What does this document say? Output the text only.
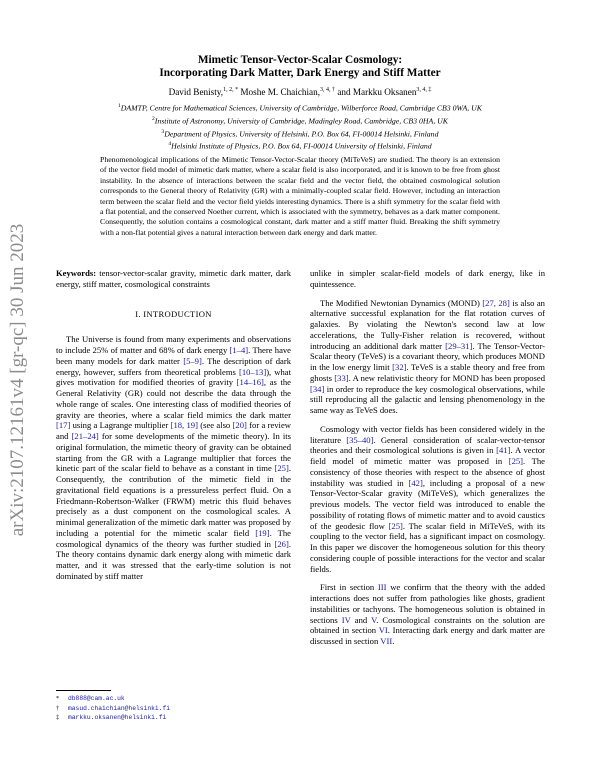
arXiv:2107.12161v4 [gr-qc] 30 Jun 2023
Mimetic Tensor-Vector-Scalar Cosmology:
Incorporating Dark Matter, Dark Energy and Stiff Matter
David Benisty,$^{1, 2, *}$ Moshe M. Chaichian,$^{3, 4, \dagger}$ and Markku Oksanen$^{3, 4, \ddagger}$
$^1$DAMTP, Centre for Mathematical Sciences, University of Cambridge, Wilberforce Road, Cambridge CB3 0WA, UK
$^2$Institute of Astronomy, University of Cambridge, Madingley Road, Cambridge, CB3 0HA, UK
$^3$Department of Physics, University of Helsinki, P.O. Box 64, FI-00014 Helsinki, Finland
$^4$Helsinki Institute of Physics, P.O. Box 64, FI-00014 University of Helsinki, Finland
Phenomenological implications of the Mimetic Tensor-Vector-Scalar theory (MiTeVeS) are studied. The theory is an extension of the vector field model of mimetic dark matter, where a scalar field is also incorporated, and it is known to be free from ghost instability. In the absence of interactions between the scalar field and the vector field, the obtained cosmological solution corresponds to the General theory of Relativity (GR) with a minimally-coupled scalar field. However, including an interaction term between the scalar field and the vector field yields interesting dynamics. There is a shift symmetry for the scalar field with a flat potential, and the conserved Noether current, which is associated with the symmetry, behaves as a dark matter component. Consequently, the solution contains a cosmological constant, dark matter and a stiff matter fluid. Breaking the shift symmetry with a non-flat potential gives a natural interaction between dark energy and dark matter.

Keywords: tensor-vector-scalar gravity, mimetic dark matter, dark energy, stiff matter, cosmological constraints

I. INTRODUCTION

The Universe is found from many experiments and observations to include 25% of matter and 68% of dark energy [1–4]. There have been many models for dark matter [5–9]. The description of dark energy, however, suffers from theoretical problems [10–13]), what gives motivation for modified theories of gravity [14–16], as the General Relativity (GR) could not describe the data through the whole range of scales. One interesting class of modified theories of gravity are theories, where a scalar field mimics the dark matter [17] using a Lagrange multiplier [18, 19] (see also [20] for a review and [21–24] for some developments of the mimetic theory). In its original formulation, the mimetic theory of gravity can be obtained starting from the GR with a Lagrange multiplier that forces the kinetic part of the scalar field to behave as a constant in time [25]. Consequently, the contribution of the mimetic field in the gravitational field equations is a pressureless perfect fluid. On a Friedmann-Robertson-Walker (FRWM) metric this fluid behaves precisely as a dust component on the cosmological scales. A minimal generalization of the mimetic dark matter was proposed by including a potential for the mimetic scalar field [19]. The cosmological dynamics of the theory was further studied in [26]. The theory contains dynamic dark energy along with mimetic dark matter, and it was stressed that the early-time solution is not dominated by stiff matter

unlike in simpler scalar-field models of dark energy, like in quintessence.

The Modified Newtonian Dynamics (MOND) [27, 28] is also an alternative successful explanation for the flat rotation curves of galaxies. By violating the Newton's second law at low accelerations, the Tully-Fisher relation is recovered, without introducing an additional dark matter [29–31]. The Tensor-Vector-Scalar theory (TeVeS) is a covariant theory, which produces MOND in the low energy limit [32]. TeVeS is a stable theory and free from ghosts [33]. A new relativistic theory for MOND has been proposed [34] in order to reproduce the key cosmological observations, while still reproducing all the galactic and lensing phenomenology in the same way as TeVeS does.

Cosmology with vector fields has been considered widely in the literature [35–40]. General consideration of scalar-vector-tensor theories and their cosmological solutions is given in [41]. A vector field model of mimetic matter was proposed in [25]. The consistency of those theories with respect to the absence of ghost instability was studied in [42], including a proposal of a new Tensor-Vector-Scalar gravity (MiTeVeS), which generalizes the previous models. The vector field was introduced to enable the possibility of rotating flows of mimetic matter and to avoid caustics of the geodesic flow [25]. The scalar field in MiTeVeS, with its coupling to the vector field, has a significant impact on cosmology. In this paper we discover the homogeneous solution for this theory considering couple of possible interactions for the vector and scalar fields.

First in section III we confirm that the theory with the added interactions does not suffer from pathologies like ghosts, gradient instabilities or tachyons. The homogeneous solution is obtained in sections IV and V. Cosmological constraints on the solution are obtained in section VI. Interacting dark energy and dark matter are discussed in section VII.

* db888@cam.ac.uk
† masud.chaichian@helsinki.fi
‡ markku.oksanen@helsinki.fi
